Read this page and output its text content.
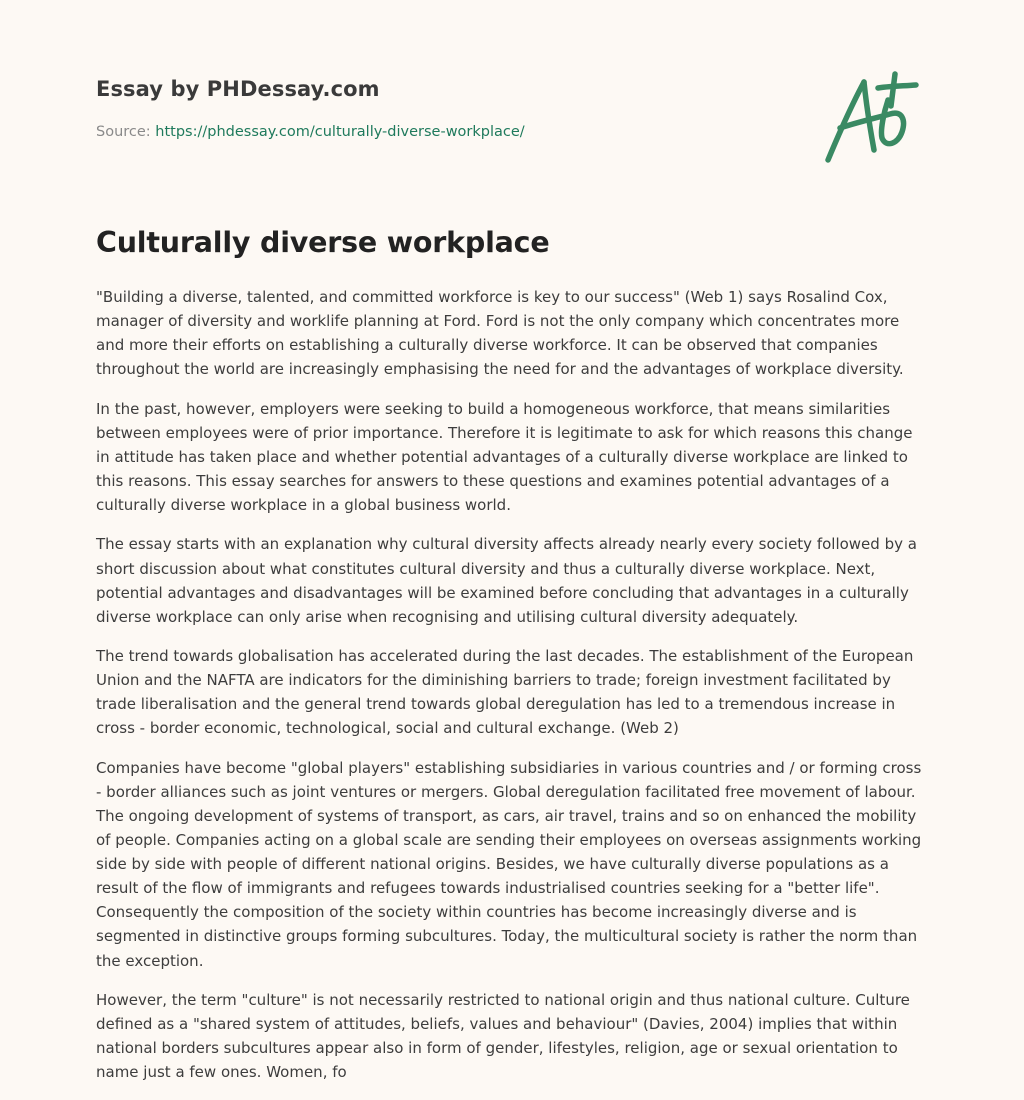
Essay by PHDessay.com
Source: https://phdessay.com/culturally-diverse-workplace/
Culturally diverse workplace

"Building a diverse, talented, and committed workforce is key to our success" (Web 1) says Rosalind Cox, manager of diversity and worklife planning at Ford. Ford is not the only company which concentrates more and more their efforts on establishing a culturally diverse workforce. It can be observed that companies throughout the world are increasingly emphasising the need for and the advantages of workplace diversity.

In the past, however, employers were seeking to build a homogeneous workforce, that means similarities between employees were of prior importance. Therefore it is legitimate to ask for which reasons this change in attitude has taken place and whether potential advantages of a culturally diverse workplace are linked to this reasons. This essay searches for answers to these questions and examines potential advantages of a culturally diverse workplace in a global business world.

The essay starts with an explanation why cultural diversity affects already nearly every society followed by a short discussion about what constitutes cultural diversity and thus a culturally diverse workplace. Next, potential advantages and disadvantages will be examined before concluding that advantages in a culturally diverse workplace can only arise when recognising and utilising cultural diversity adequately.

The trend towards globalisation has accelerated during the last decades. The establishment of the European Union and the NAFTA are indicators for the diminishing barriers to trade; foreign investment facilitated by trade liberalisation and the general trend towards global deregulation has led to a tremendous increase in cross - border economic, technological, social and cultural exchange. (Web 2)

Companies have become "global players" establishing subsidiaries in various countries and / or forming cross - border alliances such as joint ventures or mergers. Global deregulation facilitated free movement of labour. The ongoing development of systems of transport, as cars, air travel, trains and so on enhanced the mobility of people. Companies acting on a global scale are sending their employees on overseas assignments working side by side with people of different national origins. Besides, we have culturally diverse populations as a result of the flow of immigrants and refugees towards industrialised countries seeking for a "better life". Consequently the composition of the society within countries has become increasingly diverse and is segmented in distinctive groups forming subcultures. Today, the multicultural society is rather the norm than the exception.

However, the term "culture" is not necessarily restricted to national origin and thus national culture. Culture defined as a "shared system of attitudes, beliefs, values and behaviour" (Davies, 2004) implies that within national borders subcultures appear also in form of gender, lifestyles, religion, age or sexual orientation to name just a few ones. Women, fo
